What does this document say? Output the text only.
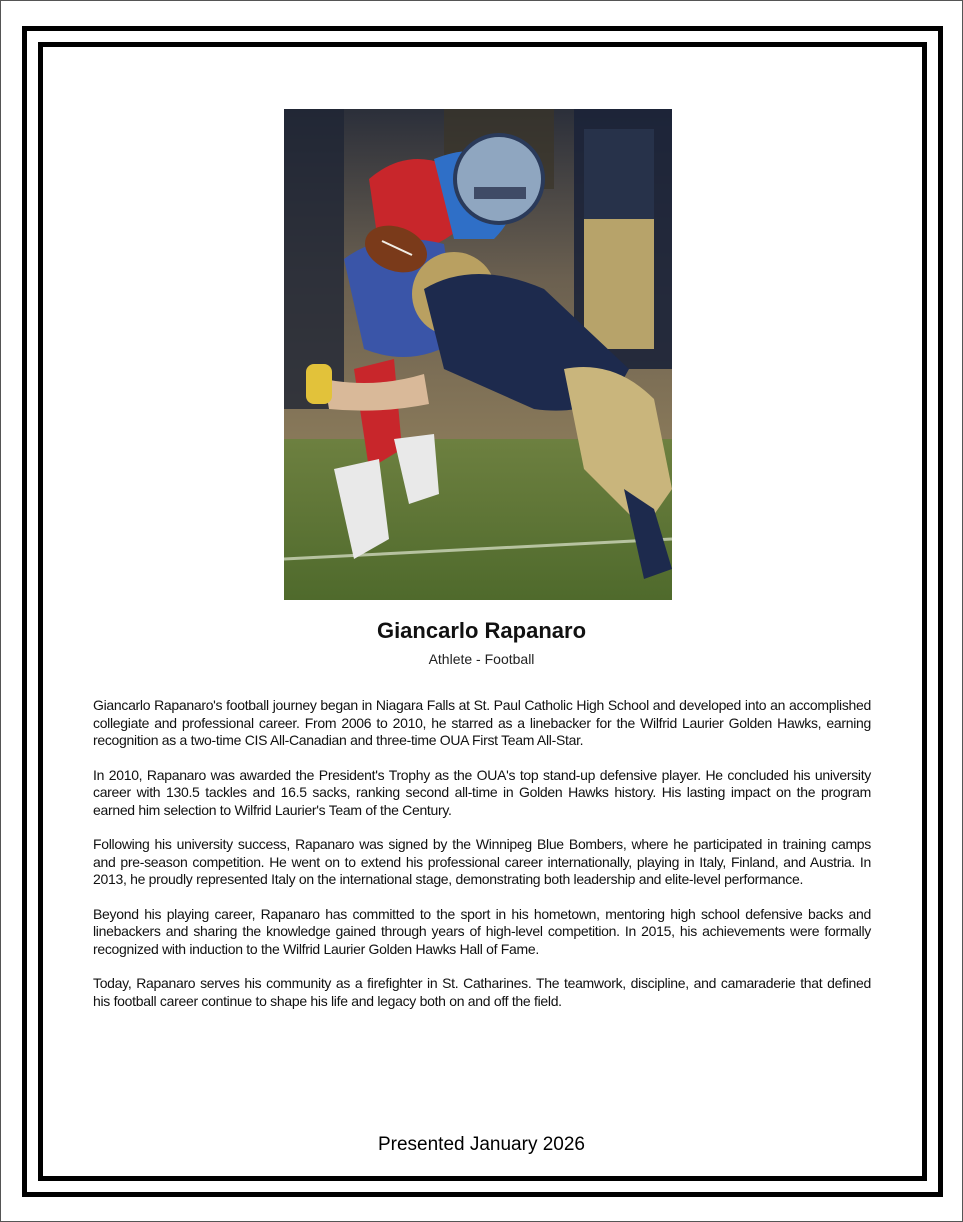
Giancarlo Rapanaro
Athlete - Football

Giancarlo Rapanaro's football journey began in Niagara Falls at St. Paul Catholic High School and developed into an accomplished collegiate and professional career. From 2006 to 2010, he starred as a linebacker for the Wilfrid Laurier Golden Hawks, earning recognition as a two-time CIS All-Canadian and three-time OUA First Team All-Star.

In 2010, Rapanaro was awarded the President's Trophy as the OUA's top stand-up defensive player. He concluded his university career with 130.5 tackles and 16.5 sacks, ranking second all-time in Golden Hawks history. His lasting impact on the program earned him selection to Wilfrid Laurier's Team of the Century.

Following his university success, Rapanaro was signed by the Winnipeg Blue Bombers, where he participated in training camps and pre-season competition. He went on to extend his professional career internationally, playing in Italy, Finland, and Austria. In 2013, he proudly represented Italy on the international stage, demonstrating both leadership and elite-level performance.

Beyond his playing career, Rapanaro has committed to the sport in his hometown, mentoring high school defensive backs and linebackers and sharing the knowledge gained through years of high-level competition. In 2015, his achievements were formally recognized with induction to the Wilfrid Laurier Golden Hawks Hall of Fame.

Today, Rapanaro serves his community as a firefighter in St. Catharines. The teamwork, discipline, and camaraderie that defined his football career continue to shape his life and legacy both on and off the field.

Presented January 2026
